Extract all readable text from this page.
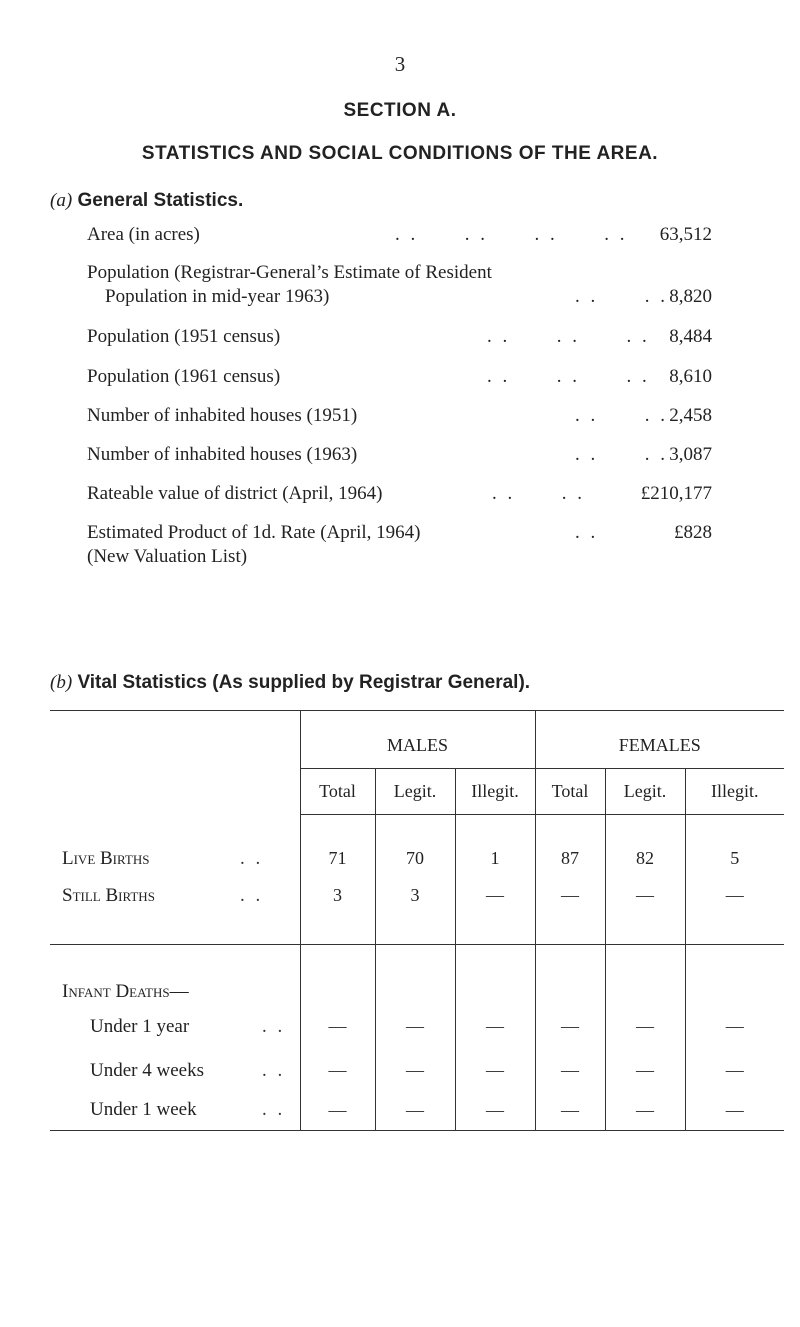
3
SECTION A.
STATISTICS AND SOCIAL CONDITIONS OF THE AREA.
(a) General Statistics.
Area (in acres)	. .      . .      . .      . . 63,512
Population (Registrar-General’s Estimate of Resident
Population in mid-year 1963)	. .      . . 8,820
Population (1951 census)	. .      . .      . . 8,484
Population (1961 census)	. .      . .      . . 8,610
Number of inhabited houses (1951)	. .      . . 2,458
Number of inhabited houses (1963)	. .      . . 3,087
Rateable value of district (April, 1964)	. .      . .	£210,177
Estimated Product of 1d. Rate (April, 1964)
(New Valuation List)
. .	£828
(b) Vital Statistics (As supplied by Registrar General).
	MALES			FEMALES		
	Total	Legit.	Illegit.	Total	Legit.	Illegit.

Live Births . .	71	70	1	87	82	5
Still Births . .	3	3	—	—	—	—

Infant Deaths—						
Under 1 year . .	—	—	—	—	—	—
Under 4 weeks . .	—	—	—	—	—	—
Under 1 week . .	—	—	—	—	—	—
